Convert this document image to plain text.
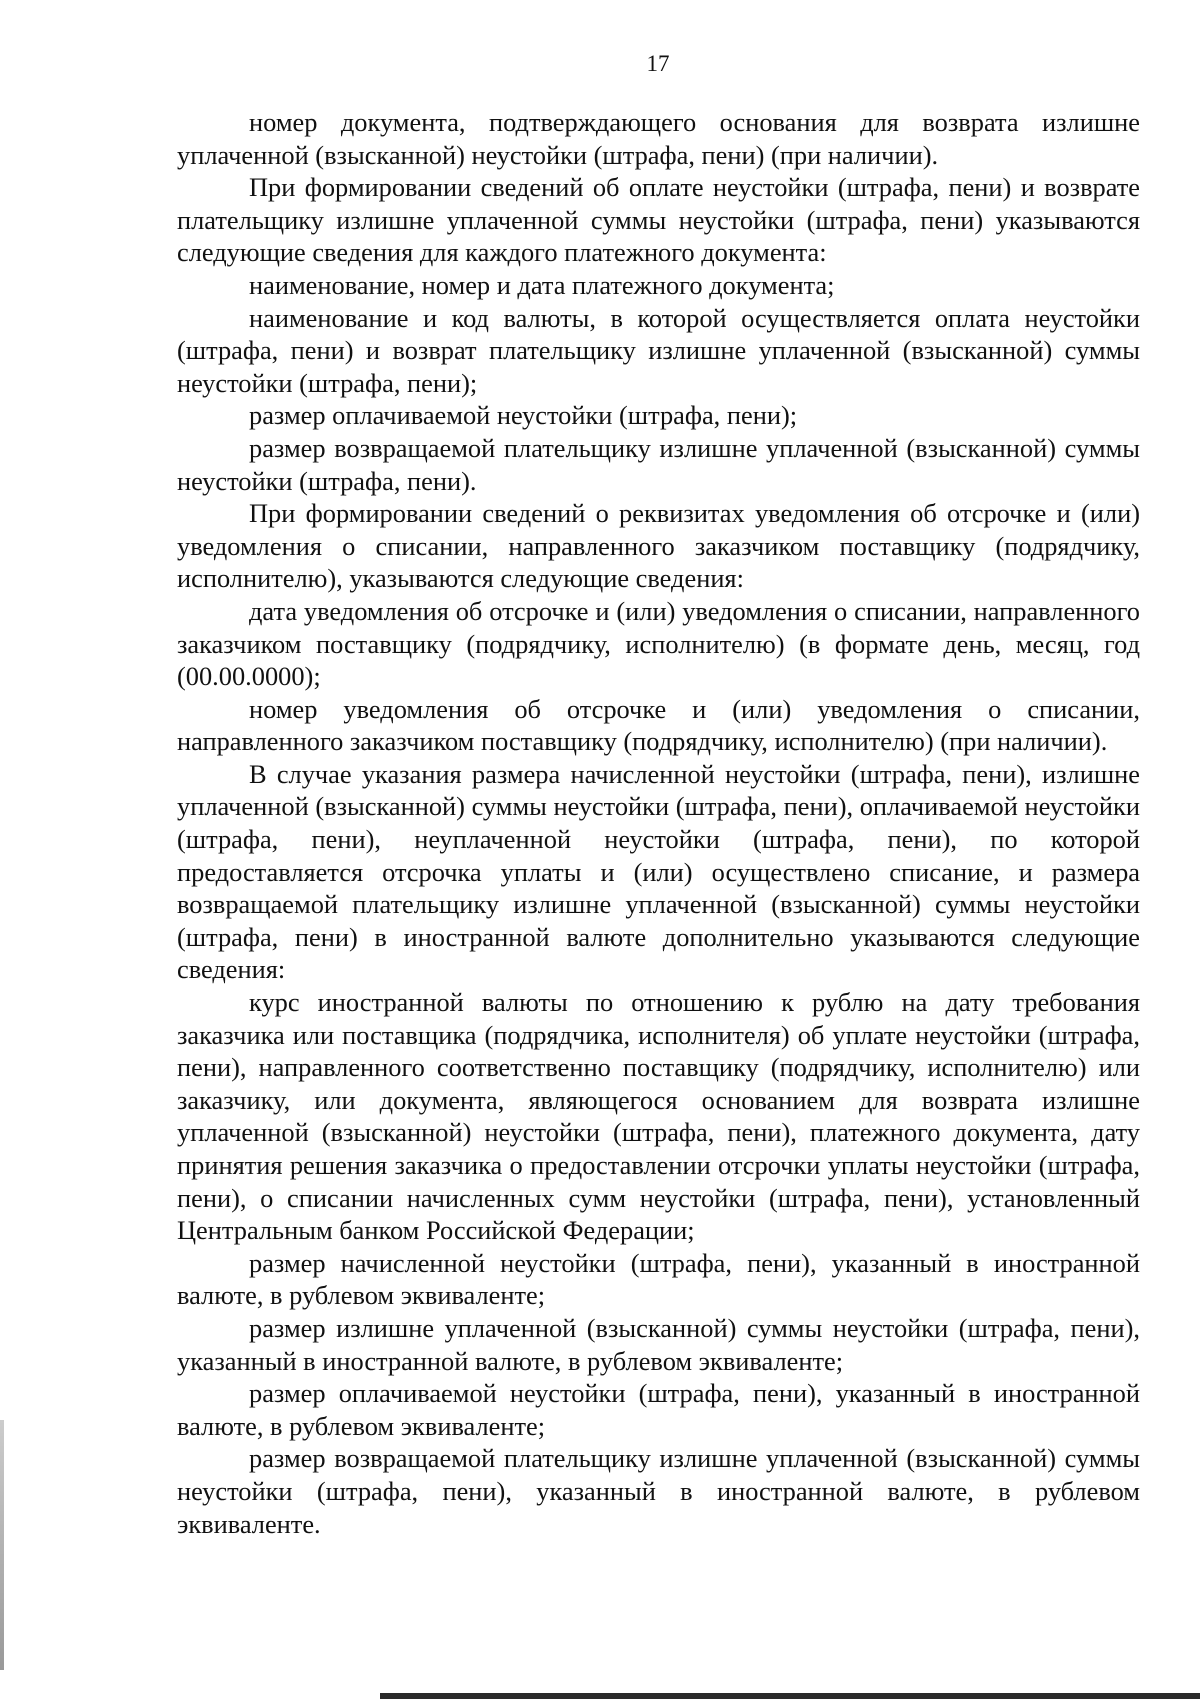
17

номер документа, подтверждающего основания для возврата излишне уплаченной (взысканной) неустойки (штрафа, пени) (при наличии).

При формировании сведений об оплате неустойки (штрафа, пени) и возврате плательщику излишне уплаченной суммы неустойки (штрафа, пени) указываются следующие сведения для каждого платежного документа:

наименование, номер и дата платежного документа;

наименование и код валюты, в которой осуществляется оплата неустойки (штрафа, пени) и возврат плательщику излишне уплаченной (взысканной) суммы неустойки (штрафа, пени);

размер оплачиваемой неустойки (штрафа, пени);

размер возвращаемой плательщику излишне уплаченной (взысканной) суммы неустойки (штрафа, пени).

При формировании сведений о реквизитах уведомления об отсрочке и (или) уведомления о списании, направленного заказчиком поставщику (подрядчику, исполнителю), указываются следующие сведения:

дата уведомления об отсрочке и (или) уведомления о списании, направленного заказчиком поставщику (подрядчику, исполнителю) (в формате день, месяц, год (00.00.0000);

номер уведомления об отсрочке и (или) уведомления о списании, направленного заказчиком поставщику (подрядчику, исполнителю) (при наличии).

В случае указания размера начисленной неустойки (штрафа, пени), излишне уплаченной (взысканной) суммы неустойки (штрафа, пени), оплачиваемой неустойки (штрафа, пени), неуплаченной неустойки (штрафа, пени), по которой предоставляется отсрочка уплаты и (или) осуществлено списание, и размера возвращаемой плательщику излишне уплаченной (взысканной) суммы неустойки (штрафа, пени) в иностранной валюте дополнительно указываются следующие сведения:

курс иностранной валюты по отношению к рублю на дату требования заказчика или поставщика (подрядчика, исполнителя) об уплате неустойки (штрафа, пени), направленного соответственно поставщику (подрядчику, исполнителю) или заказчику, или документа, являющегося основанием для возврата излишне уплаченной (взысканной) неустойки (штрафа, пени), платежного документа, дату принятия решения заказчика о предоставлении отсрочки уплаты неустойки (штрафа, пени), о списании начисленных сумм неустойки (штрафа, пени), установленный Центральным банком Российской Федерации;

размер начисленной неустойки (штрафа, пени), указанный в иностранной валюте, в рублевом эквиваленте;

размер излишне уплаченной (взысканной) суммы неустойки (штрафа, пени), указанный в иностранной валюте, в рублевом эквиваленте;

размер оплачиваемой неустойки (штрафа, пени), указанный в иностранной валюте, в рублевом эквиваленте;

размер возвращаемой плательщику излишне уплаченной (взысканной) суммы неустойки (штрафа, пени), указанный в иностранной валюте, в рублевом эквиваленте.
